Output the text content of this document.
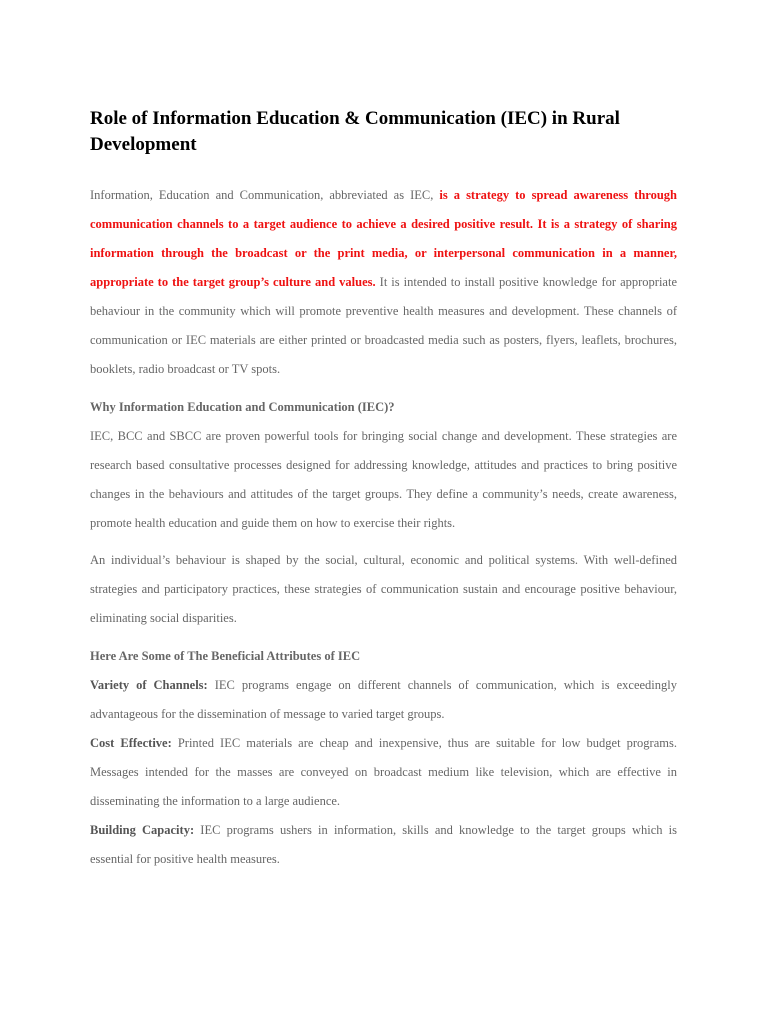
Role of Information Education & Communication (IEC) in Rural Development

Information, Education and Communication, abbreviated as IEC, is a strategy to spread awareness through communication channels to a target audience to achieve a desired positive result. It is a strategy of sharing information through the broadcast or the print media, or interpersonal communication in a manner, appropriate to the target group’s culture and values. It is intended to install positive knowledge for appropriate behaviour in the community which will promote preventive health measures and development. These channels of communication or IEC materials are either printed or broadcasted media such as posters, flyers, leaflets, brochures, booklets, radio broadcast or TV spots.

Why Information Education and Communication (IEC)?

IEC, BCC and SBCC are proven powerful tools for bringing social change and development. These strategies are research based consultative processes designed for addressing knowledge, attitudes and practices to bring positive changes in the behaviours and attitudes of the target groups. They define a community’s needs, create awareness, promote health education and guide them on how to exercise their rights.

An individual’s behaviour is shaped by the social, cultural, economic and political systems. With well-defined strategies and participatory practices, these strategies of communication sustain and encourage positive behaviour, eliminating social disparities.

Here Are Some of The Beneficial Attributes of IEC

Variety of Channels: IEC programs engage on different channels of communication, which is exceedingly advantageous for the dissemination of message to varied target groups.

Cost Effective: Printed IEC materials are cheap and inexpensive, thus are suitable for low budget programs. Messages intended for the masses are conveyed on broadcast medium like television, which are effective in disseminating the information to a large audience.

Building Capacity: IEC programs ushers in information, skills and knowledge to the target groups which is essential for positive health measures.
